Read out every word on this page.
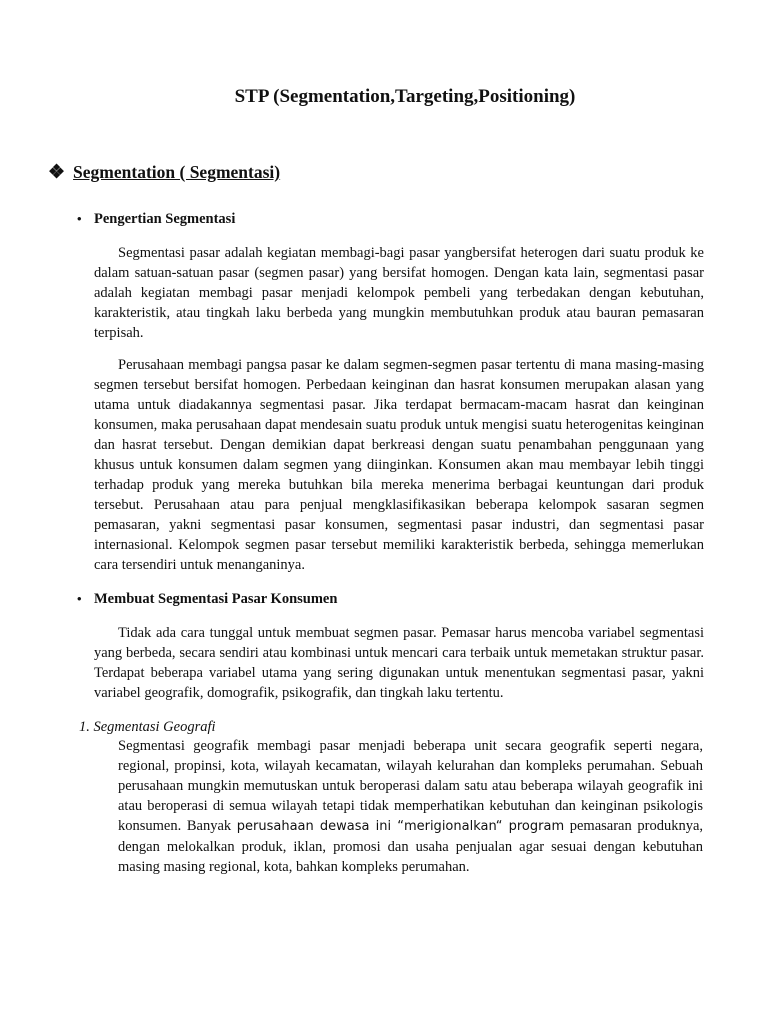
STP (Segmentation,Targeting,Positioning)
❖ Segmentation ( Segmentasi)
• Pengertian Segmentasi

Segmentasi pasar adalah kegiatan membagi-bagi pasar yangbersifat heterogen dari suatu produk ke dalam satuan-satuan pasar (segmen pasar) yang bersifat homogen. Dengan kata lain, segmentasi pasar adalah kegiatan membagi pasar menjadi kelompok pembeli yang terbedakan dengan kebutuhan, karakteristik, atau tingkah laku berbeda yang mungkin membutuhkan produk atau bauran pemasaran terpisah.

Perusahaan membagi pangsa pasar ke dalam segmen-segmen pasar tertentu di mana masing-masing segmen tersebut bersifat homogen. Perbedaan keinginan dan hasrat konsumen merupakan alasan yang utama untuk diadakannya segmentasi pasar. Jika terdapat bermacam-macam hasrat dan keinginan konsumen, maka perusahaan dapat mendesain suatu produk untuk mengisi suatu heterogenitas keinginan dan hasrat tersebut. Dengan demikian dapat berkreasi dengan suatu penambahan penggunaan yang khusus untuk konsumen dalam segmen yang diinginkan. Konsumen akan mau membayar lebih tinggi terhadap produk yang mereka butuhkan bila mereka menerima berbagai keuntungan dari produk tersebut. Perusahaan atau para penjual mengklasifikasikan beberapa kelompok sasaran segmen pemasaran, yakni segmentasi pasar konsumen, segmentasi pasar industri, dan segmentasi pasar internasional. Kelompok segmen pasar tersebut memiliki karakteristik berbeda, sehingga memerlukan cara tersendiri untuk menanganinya.

• Membuat Segmentasi Pasar Konsumen

Tidak ada cara tunggal untuk membuat segmen pasar. Pemasar harus mencoba variabel segmentasi yang berbeda, secara sendiri atau kombinasi untuk mencari cara terbaik untuk memetakan struktur pasar. Terdapat beberapa variabel utama yang sering digunakan untuk menentukan segmentasi pasar, yakni variabel geografik, domografik, psikografik, dan tingkah laku tertentu.

1. Segmentasi Geografi

Segmentasi geografik membagi pasar menjadi beberapa unit secara geografik seperti negara, regional, propinsi, kota, wilayah kecamatan, wilayah kelurahan dan kompleks perumahan. Sebuah perusahaan mungkin memutuskan untuk beroperasi dalam satu atau beberapa wilayah geografik ini atau beroperasi di semua wilayah tetapi tidak memperhatikan kebutuhan dan keinginan psikologis konsumen. Banyak perusahaan dewasa ini “merigionalkan“ program pemasaran produknya, dengan melokalkan produk, iklan, promosi dan usaha penjualan agar sesuai dengan kebutuhan masing masing regional, kota, bahkan kompleks perumahan.
